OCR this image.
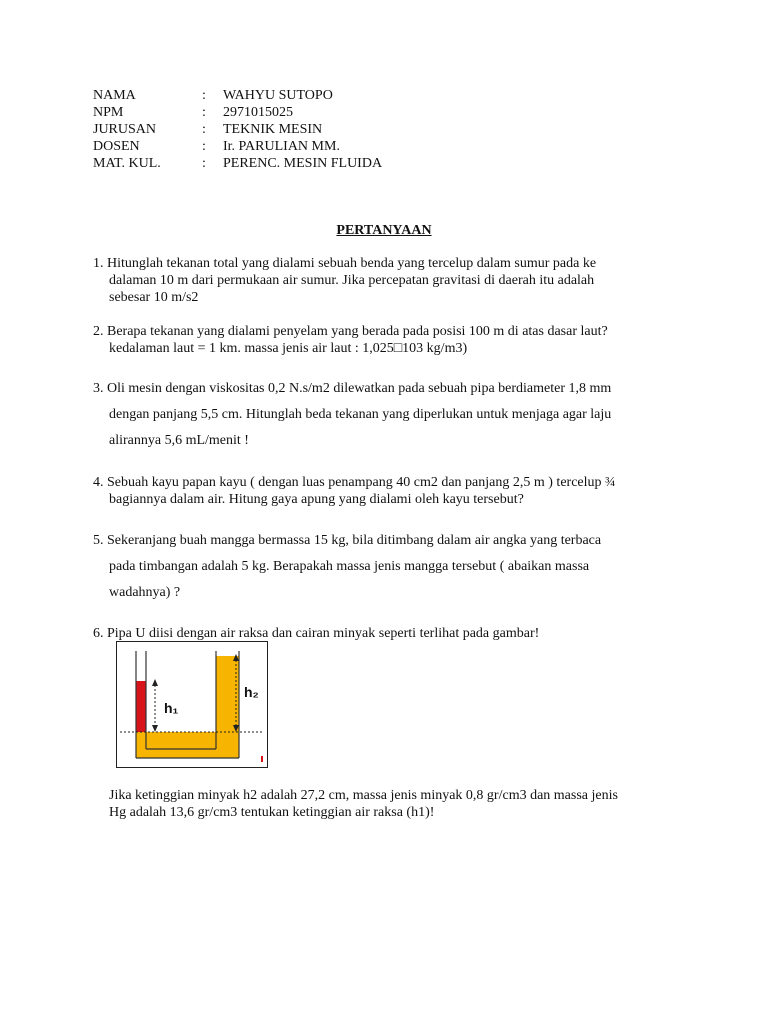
NAMA	: WAHYU SUTOPO
NPM	: 2971015025
JURUSAN	: TEKNIK MESIN
DOSEN	: Ir. PARULIAN MM.
MAT. KUL.	: PERENC. MESIN FLUIDA
PERTANYAAN
1. Hitunglah tekanan total yang dialami sebuah benda yang tercelup dalam sumur pada ke
dalaman 10 m dari permukaan air sumur. Jika percepatan gravitasi di daerah itu adalah
sebesar 10 m/s2
2. Berapa tekanan yang dialami penyelam yang berada pada posisi 100 m di atas dasar laut?
kedalaman laut = 1 km. massa jenis air laut : 1,025□103 kg/m3)
3. Oli mesin dengan viskositas 0,2 N.s/m2 dilewatkan pada sebuah pipa berdiameter 1,8 mm
dengan panjang 5,5 cm. Hitunglah beda tekanan yang diperlukan untuk menjaga agar laju
alirannya 5,6 mL/menit !
4. Sebuah kayu papan kayu ( dengan luas penampang 40 cm2 dan panjang 2,5 m ) tercelup ¾
bagiannya dalam air. Hitung gaya apung yang dialami oleh kayu tersebut?
5. Sekeranjang buah mangga bermassa 15 kg, bila ditimbang dalam air angka yang terbaca
pada timbangan adalah 5 kg. Berapakah massa jenis mangga tersebut ( abaikan massa
wadahnya) ?
6. Pipa U diisi dengan air raksa dan cairan minyak seperti terlihat pada gambar!
h₁
h₂
Jika ketinggian minyak h2 adalah 27,2 cm, massa jenis minyak 0,8 gr/cm3 dan massa jenis
Hg adalah 13,6 gr/cm3 tentukan ketinggian air raksa (h1)!
